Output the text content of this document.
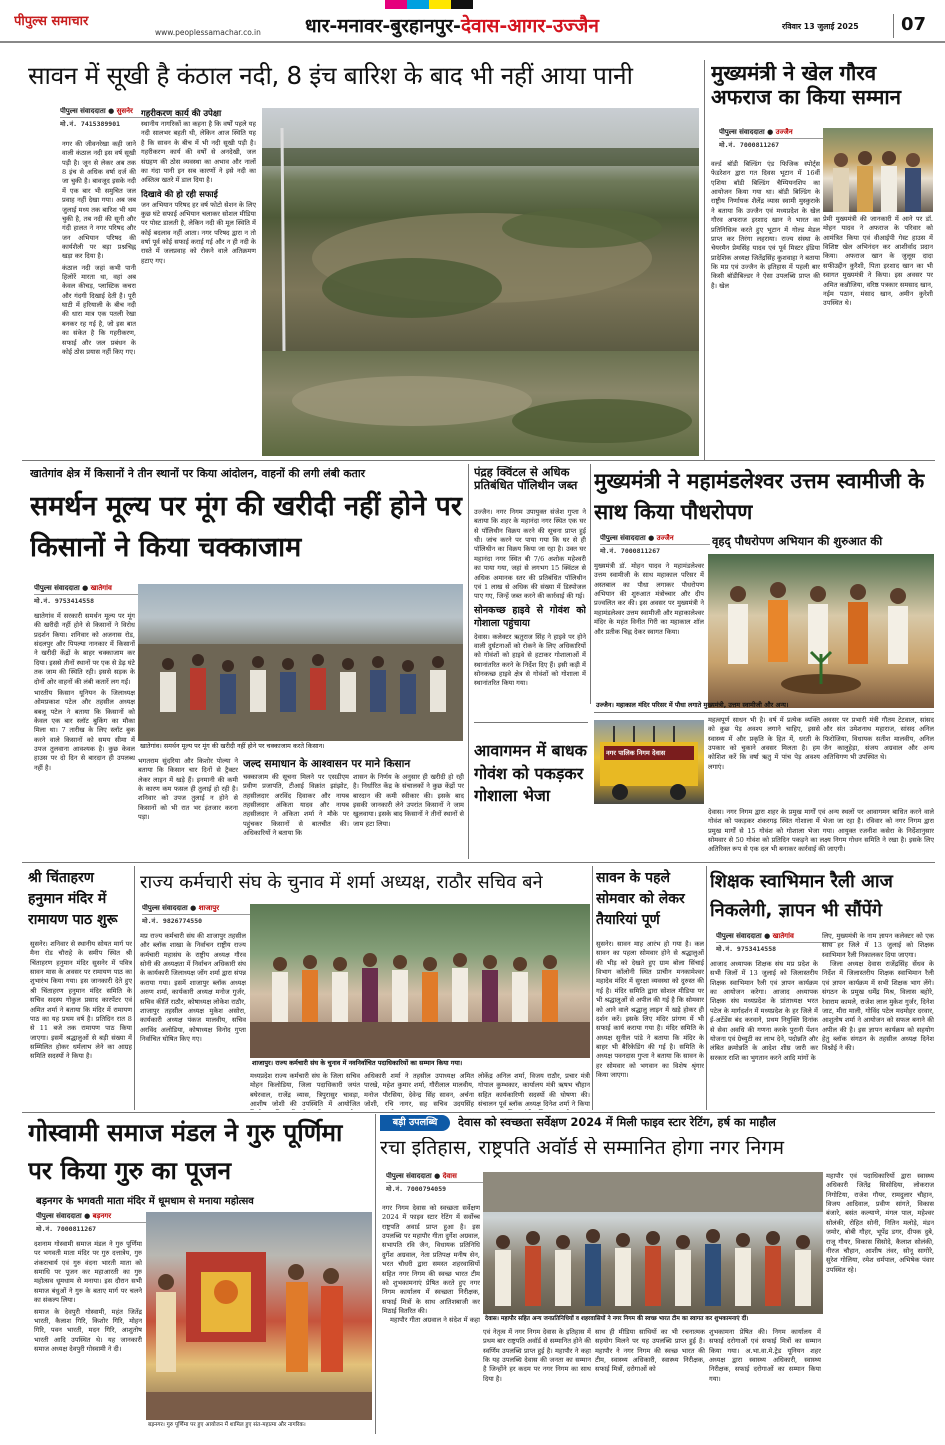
पीपुल्स समाचार
www.peoplessamachar.co.in	धार-मनावर-बुरहानपुर-देवास-आगर-उज्जैन	रविवार 13 जुलाई 2025	07
सावन में सूखी है कंठाल नदी, 8 इंच बारिश के बाद भी नहीं आया पानी
पीपुल्स संवाददाता ● सुसनेर
मो.नं. 7415389901

नगर की जीवनरेखा कही जाने वाली कंठाल नदी इस वर्ष सूखी पड़ी है। जून से लेकर अब तक 8 इंच से अधिक वर्षा दर्ज की जा चुकी है। बावजूद इसके नदी में एक बार भी समुचित जल प्रवाह नहीं देखा गया। अब जब जुलाई मध्य तक बारिश भी थम चुकी है, तब नदी की सूनी और गंदी हालत ने नगर परिषद और जन अभियान परिषद की कार्यशैली पर बड़ा प्रश्नचिह्न खड़ा कर दिया है।

कंठाल नदी जहां कभी पानी हिलोरें मारता था, वहां अब केवल कीचड़, प्लास्टिक कचरा और गंदगी दिखाई देती है। पूरी घाटी में हरियाली के बीच नदी की धारा मात्र एक पतली रेखा बनकर रह गई है, जो इस बात का संकेत है कि गहरीकरण, सफाई और जल प्रबंधन के कोई ठोस प्रयास नहीं किए गए।

गहरीकरण कार्य की उपेक्षा

स्थानीय नागरिकों का कहना है कि वर्षों पहले यह नदी सालभर बहती थी, लेकिन आज स्थिति यह है कि सावन के बीच में भी नदी सूखी पड़ी है। गहरीकरण कार्य की वर्षों से अनदेखी, जल संग्रहण की ठोस व्यवस्था का अभाव और नालों का गंदा पानी इन सब कारणों ने इसे नदी का अस्तित्व खतरे में डाल दिया है।

दिखावे की हो रही सफाई

जन अभियान परिषद हर वर्ष फोटो सेशन के लिए कुछ घंटे सफाई अभियान चलाकर सोशल मीडिया पर पोस्ट डालती है, लेकिन नदी की मूल स्थिति में कोई बदलाव नहीं आता। नगर परिषद द्वारा न तो वर्षा पूर्व कोई सफाई कराई गई और न ही नदी के रास्ते में जलप्रवाह को रोकने वाले अतिक्रमण हटाए गए।

मुख्यमंत्री ने खेल गौरव अफराज का किया सम्मान
पीपुल्स संवाददाता ● उज्जैन
मो.नं. 7000811267
वर्ल्ड बॉडी बिल्डिंग एंड फिजिक स्पोर्ट्स फेडरेशन द्वारा गत दिवस भूटान में 16वीं एशिया बॉडी बिल्डिंग चैम्पियनशिप का आयोजन किया गया था। बॉडी बिल्डिंग के राष्ट्रीय निर्णायक शैलेंद्र व्यास स्वामी मुस्कुराके ने बताया कि उज्जैन एवं मध्यप्रदेश के खेल गौरव अफराज इरशाद खान ने भारत का प्रतिनिधित्व करते हुए भूटान में गोल्ड मेडल प्राप्त कर तिरंगा लहराया। राज्य संस्था के चेयरमैन प्रेमसिंह यादव एवं पूर्व मिस्टर इंडिया प्रादेशिक अध्यक्ष जितेंद्रसिंह कुशवाहा ने बताया कि मप्र एवं उज्जैन के इतिहास में पहली बार किसी बॉडीबिल्डर ने ऐसा उपलब्धि प्राप्त की है। खेल
प्रेमी मुख्यमंत्री की जानकारी में आने पर डॉ. मोहन यादव ने अफराज के परिवार को आमंत्रित किया एवं वीआईपी गेस्ट हाउस में विशिष्ट खेल अभिनंदन कर आशीर्वाद प्रदान किया। अफराज खान के जुलूस दादा सफीउद्दीन कुरैशी, पिता इरशाद खान का भी स्वागत मुख्यमंत्री ने किया। इस अवसर पर अमित कन्नौजिया, वरिष्ठ पत्रकार समसाद खान, नईम पठान, मंसाद खान, अमीन कुरेशी उपस्थित थे।
खातेगांव क्षेत्र में किसानों ने तीन स्थानों पर किया आंदोलन, वाहनों की लगी लंबी कतार
समर्थन मूल्य पर मूंग की खरीदी नहीं होने पर किसानों ने किया चक्काजाम
पीपुल्स संवाददाता ● खातेगांव
मो.नं. 9753414558

खातेगांव में सरकारी समर्थन मूल्य पर मूंग की खरीदी नहीं होने से किसानों ने विरोध प्रदर्शन किया। शनिवार को अजनास रोड, संदलपुर और पिपल्या नानकार में किसानों ने खरीदी केंद्रों के बाहर चक्काजाम कर दिया। इससे तीनों स्थानों पर एक से डेढ़ घंटे तक जाम की स्थिति रही। इससे सड़क के दोनों ओर वाहनों की लंबी कतारें लग गईं।

भारतीय किसान यूनियन के जिलाध्यक्ष ओमप्रकाश पटेल और तहसील अध्यक्ष बबलू पटेल ने बताया कि किसानों को केवल एक बार स्लॉट बुकिंग का मौका मिला था। 7 तारीख के लिए स्लॉट बुक करने वाले किसानों को समय सीमा में उपज तुलवाना आवश्यक है। कुछ केवल हाउस पर दो दिन से बारदान ही उपलब्ध नहीं है।

खातेगांव। समर्थन मूल्य पर मूंग की खरीदी नहीं होने पर चक्काजाम करते किसान।
भगतराम सुंदरिया और किशोर पोल्या ने बताया कि किसान चार दिनों से ट्रैक्टर लेकर लाइन में खड़े हैं। इनमानी की कमी के कारण कम फसल ही तुलाई हो रही है। शनिवार को उपज तुलाई न होने से किसानों को भी रात भर इंतजार करना पड़ा।
जल्द समाधान के आश्वासन पर माने किसान
चक्काजाम की सूचना मिलने पर एसडीएम प्रवीण प्रजापति, टीआई विक्रांत झांझोट, तहसीलदार अरविंद दिवाकर और नायब तहसीलदार अंकिता यादव और नायब तहसीलदार ने अंकिता शर्मा ने मौके पर पहुंचकर किसानों से बातचीत की। अधिकारियों ने बताया कि
शासन के निर्णय के अनुसार ही खरीदी हो रही है। निर्धारित केंद्र के संचालकों ने कुछ केंद्रों पर बारदान की कमी स्वीकार की। इसके बाद इसकी जानकारी लेने उपरांत किसानों ने जाम खुलवाया। इसके बाद किसानों ने तीनों स्थानों से जाम हटा लिया।
पंद्रह क्विंटल से अधिक प्रतिबंधित पॉलिथीन जब्त

उज्जैन। नगर निगम उपायुक्त संजेश गुप्ता ने बताया कि शहर के महानंदा नगर स्थित एक घर से पॉलिथीन विक्रय करने की सूचना प्राप्त हुई थी। जांच करने पर पाया गया कि घर से ही पॉलिथीन का विक्रय किया जा रहा है। उक्त घर महानंदा नगर स्थित बी 7/6 अशोक महेश्वरी का पाया गया, जहां से लगभग 15 क्विंटल से अधिक अमानक स्तर की प्रतिबंधित पॉलिथीन एवं 1 लाख से अधिक की संख्या में डिस्पोजल पाए गए, जिन्हें जब्त करने की कार्रवाई की गई।

सोनकच्छ हाइवे से गोवंश को गोशाला पहुंचाया

देवास। कलेक्टर ऋतुराज सिंह ने हाइवे पर होने वाली दुर्घटनाओं को रोकने के लिए अधिकारियों को गोवंशों को हाइवे से हटाकर गोशालाओं में स्थानांतरित करने के निर्देश दिए हैं। इसी कड़ी में सोनकच्छ हाइवे क्षेत्र से गोवंशों को गोशाला में स्थानांतरित किया गया।

मुख्यमंत्री ने महामंडलेश्वर उत्तम स्वामीजी के साथ किया पौधरोपण
पीपुल्स संवाददाता ● उज्जैन
मो.नं. 7000811267
वृहद् पौधरोपण अभियान की शुरुआत की
मुख्यमंत्री डॉ. मोहन यादव ने महामंडलेश्वर उत्तम स्वामीजी के साथ महाकाल परिसर में अस्तबाल का पौधा लगाकर पौधरोपण अभियान की शुरुआत मंत्रोच्चार और दीप प्रज्वलित कर की। इस अवसर पर मुख्यमंत्री ने महामंडलेश्वर उत्तम स्वामीजी और महाकालेश्वर मंदिर के महंत विनीत गिरी का महाकाल शॉल और प्रतीक चिह्न देकर स्वागत किया।
उज्जैन। महाकाल मंदिर परिसर में पौधा लगाते मुख्यमंत्री, उत्तम स्वामीजी और अन्य।
महत्वपूर्ण साधन भी है। वर्ष में प्रत्येक व्यक्ति को कुछ पेड़ अवश्य लगाने चाहिए, इससे स्वास्थ्य में और प्रकृति के हित में, धरती के उपकार को चुकाने अवसर मिलता है। हम कोशिश करें कि वर्षा ऋतु में पांच पेड़ अवश्य लगाएं।
अवसर पर प्रभारी मंत्री गौतम टेटवाल, सांसद और संत उमेशनाथ महाराज, सांसद अनिल फिरोजिया, विधायक सतीश मालवीय, अनिल जैन कालूहेड़ा, संजय अग्रवाल और अन्य अतिथिगण भी उपस्थित थे।
आवागमन में बाधक गोवंश को पकड़कर गोशाला भेजा
नगर पालिक निगम देवास
देवास। नगर निगम द्वारा शहर के प्रमुख मार्गों एवं अन्य स्थलों पर आवागमन बाधित करने वाले गोवंश को पकड़कर शंकरगढ़ स्थित गोशाला में भेजा जा रहा है। रविवार को नगर निगम द्वारा प्रमुख मार्गों से 15 गोवंश को गोशाला भेजा गया। आयुक्त रजनीश कसेरा के निर्देशानुसार सोमवार से 50 गोवंश को प्रतिदिन पकड़ने का लक्ष्य निगम गोधन समिति ने रखा है। इसके लिए अतिरिक्त रूप से एक दल भी बनाकर कार्रवाई की जाएगी।
श्री चिंताहरण हनुमान मंदिर में रामायण पाठ शुरू
सुसनेर। शनिवार से स्थानीय सोयत मार्ग पर मैना रोड चौराहे के समीप स्थित श्री चिंताहरण हनुमान मंदिर सुसनेर में पवित्र सावन मास के अवसर पर रामायण पाठ का शुभारंभ किया गया। इस जानकारी देते हुए श्री चिंताहरण हनुमान मंदिर समिति के सचिव सदस्य गोकुल प्रसाद कारपेंटर एवं अमित शर्मा ने बताया कि मंदिर में रामायण पाठ का यह प्रथम वर्ष है। प्रतिदिन रात 8 से 11 बजे तक रामायण पाठ किया जाएगा। इसमें श्रद्धालुओं से बड़ी संख्या में सम्मिलित होकर धर्मलाभ लेने का आग्रह समिति सदस्यों ने किया है।
राज्य कर्मचारी संघ के चुनाव में शर्मा अध्यक्ष, राठौर सचिव बने
पीपुल्स संवाददाता ● शाजापुर
मो.नं. 9826774550
मप्र राज्य कर्मचारी संघ की शाजापुर तहसील और ब्लॉक शाखा के निर्वाचन राष्ट्रीय राज्य कर्मचारी महासंघ के राष्ट्रीय अध्यक्ष गौरव सोनी की अध्यक्षता में निर्वाचन अधिकारी संघ के कार्यकारी जिलाध्यक्ष जोंग शर्मा द्वारा संपन्न कराया गया। इसमें शाजापुर ब्लॉक अध्यक्ष अरुण शर्मा, कार्यकारी अध्यक्ष मनोज गुर्जर, सचिव कीर्ति राठौर, कोषाध्यक्ष लोकेश राठौर, शाजापुर तहसील अध्यक्ष मुकेश असोरा, कार्यकारी अध्यक्ष पंकज मालवीय, सचिव अरविंद अलोडिया, कोषाध्यक्ष विनोद गुप्ता निर्वाचित घोषित किए गए।
शाजापुर। राज्य कर्मचारी संघ के चुनाव में नवनिर्वाचित पदाधिकारियों का सम्मान किया गया।
मध्यप्रदेश राज्य कर्मचारी संघ के जिला सचिव मोहन किलोडिया, जिला पदाधिकारी जयंत बघेरवाल, राजेंद्र व्यास, त्रिपुरासुर चावड़ा, आशीष जोशी की उपस्थिति में आयोजित
अधिकारी शर्मा ने तहसील उपाध्यक्ष अमित पारखे, महेश कुमार शर्मा, गौरीलाल मालवीय, मनोज पौरसिया, देवेन्द्र सिंह सावन, अर्चना जोशी, रचि नागर, सह सचिव उदयसिंह
लोकेंद्र अनिल शर्मा, विजय राठौर, प्रचार मंत्री गोपाल कुम्भकार, कार्यालय मंत्री ऋषभ चौहान सहित कार्यकारिणी सदस्यों की घोषणा की। संचालन पूर्व ब्लॉक अध्यक्ष दिनेश शर्मा ने किया
सावन के पहले सोमवार को लेकर तैयारियां पूर्ण
सुसनेर। सावन माह आरंभ हो गया है। कल सावन का पहला सोमवार होने से श्रद्धालुओं की भीड़ को देखते हुए ग्राम बोला सिंचाई विभाग कॉलोनी स्थित प्राचीन मनकामेश्वर महादेव मंदिर में सुरक्षा व्यवस्था को दुरुस्त की गई है। मंदिर समिति द्वारा सोशल मीडिया पर भी श्रद्धालुओं से अपील की गई है कि सोमवार को आने वाले श्रद्धालु लाइन में खड़े होकर ही दर्शन करें। इसके लिए मंदिर प्रांगण में भी सफाई कार्य कराया गया है। मंदिर समिति के अध्यक्ष सुनील पांडे ने बताया कि मंदिर के बाहर भी बैरिकेडिंग की गई है। समिति के अध्यक्ष पवनदास गुप्ता ने बताया कि सावन के हर सोमवार को भगवान का विशेष श्रृंगार किया जाएगा।
शिक्षक स्वाभिमान रैली आज निकलेगी, ज्ञापन भी सौंपेंगे
पीपुल्स संवाददाता ● खातेगांव
मो.नं. 9753414558
आजाद अध्यापक शिक्षक संघ मप्र प्रदेश के सभी जिलों में 13 जुलाई को जिलास्तरीय शिक्षक स्वाभिमान रैली एवं ज्ञापन कार्यक्रम का आयोजन करेगा। आजाद अध्यापक शिक्षक संघ मध्यप्रदेश के प्रांताध्यक्ष भरत पटेल के मार्गदर्शन में मध्यप्रदेश के हर जिले में ई-अटेंडेंस बंद करवाने, प्रथम नियुक्ति दिनांक से सेवा अवधि की गणना करके पुरानी पेंशन योजना एवं ग्रेच्युटी का लाभ देने, पदोन्नति और लंबित क्रमोन्नति के आदेश शीघ्र जारी कर सरकार राशि का भुगतान करने आदि मांगों के

लिए, मुख्यमंत्री के नाम ज्ञापन कलेक्टर को एक साथ हर जिले में 13 जुलाई को शिक्षक स्वाभिमान रैली निकालकर दिया जाएगा।

जिला अध्यक्ष देवास राजेंद्रसिंह सेंधव के निर्देश में जिलास्तरीय शिक्षक स्वाभिमान रैली एवं ज्ञापन कार्यक्रम में सभी शिक्षक भाग लेंगे। संगठन के प्रमुख धर्मेंद्र मिश्र, विलास बहोरे, रेवाराम कामले, राजेश लाल मुकेश गुर्जर, दिनेश जाट, मीरा माली, गोविंद पटेल मदमोहर दरवार, आशुतोष शर्मा ने आयोजन को सफल बनाने की अपील की है। इस ज्ञापन कार्यक्रम को सहयोग हेतु ब्लॉक संगठन के तहसील अध्यक्ष दिनेश विश्नोई ने की।

गोस्वामी समाज मंडल ने गुरु पूर्णिमा पर किया गुरु का पूजन
बड़नगर के भगवती माता मंदिर में धूमधाम से मनाया महोत्सव
पीपुल्स संवाददाता ● बड़नगर
मो.नं. 7000811267

दशनाम गोस्वामी समाज मंडल ने गुरु पूर्णिमा पर भगवती माता मंदिर पर गुरु दत्तात्रेय, गुरु शंकराचार्य एवं गुरु वंदना भारती माता को समाधि पर पूजन कर महाआरती का गुरु महोत्सव धूमधाम से मनाया। इस दौरान सभी समाज बंधुओं ने गुरु के बताए मार्ग पर चलने का संकल्प लिया।

समाज के देवपुरी गोस्वामी, महंत जितेंद्र भारती, कैलाश गिरि, किशोर गिरि, मोहन गिरि, पवन भारती, मदन गिरि, आशुतोष भारती आदि उपस्थित थे। यह जानकारी समाज अध्यक्ष देवपुरी गोस्वामी ने दी।

बड़नगर। गुरु पूर्णिमा पर हुए आयोजन में शामिल हुए संत-महात्मा और नागरिक।
बड़ी उपलब्धि	देवास को स्वच्छता सर्वेक्षण 2024 में मिली फाइव स्टार रेटिंग, हर्ष का माहौल
रचा इतिहास, राष्ट्रपति अवॉर्ड से सम्मानित होगा नगर निगम
पीपुल्स संवाददाता ● देवास
मो.नं. 7000794059

नगर निगम देवास को स्वच्छता सर्वेक्षण 2024 में फाइव स्टार रेटिंग में सर्वोच्च राष्ट्रपति अवार्ड प्राप्त हुआ है। इस उपलब्धि पर महापौर गीता दुर्गेश अग्रवाल, सभापति रवि जैन, विधायक प्रतिनिधि दुर्गेश अग्रवाल, नेता प्रतिपक्ष मनीष सेन, भरत चौधरी द्वारा समस्त शहरवासियों सहित नगर निगम की स्वच्छ भारत टीम को शुभकामनाएं प्रेषित करते हुए नगर निगम कार्यालय में स्वच्छता निरीक्षक, सफाई मित्रों के साथ आतिशबाजी कर मिठाई वितरित की।

महापौर गीता अग्रवाल ने संदेश में कहा देवास। महापौर सहित अन्य जनप्रतिनिधियों व शहरवासियों ने नगर निगम की स्वच्छ भारत टीम का स्वागत कर शुभकामनाएं दीं।
एवं नेतृत्व में नगर निगम देवास के इतिहास में प्रथम बार राष्ट्रपति अवॉर्ड से सम्मानित होने की स्वर्णिम उपलब्धि प्राप्त हुई है। महापौर ने कहा कि यह उपलब्धि देवास की जनता का सम्मान है जिन्होंने हर कदम पर नगर निगम का साथ दिया है।
साथ ही मीडिया साथियों का भी रचनात्मक सहयोग मिलने पर यह उपलब्धि प्राप्त हुई है। महापौर ने नगर निगम की स्वच्छ भारत की टीम, स्वास्थ्य अधिकारी, स्वास्थ्य निरीक्षक, सफाई मित्रों, दरोगाओं को
शुभकामना प्रेषित की। निगम कार्यालय में सफाई दरोगाओं एवं सफाई मित्रों का सम्मान किया गया। अ.भा.वा.मे.ट्रेड यूनियन शहर अध्यक्ष द्वारा स्वास्थ्य अधिकारी, स्वास्थ्य निरीक्षक, सफाई दरोगाओं का सम्मान किया गया।
महापौर एवं पदाधिकारियों द्वारा स्वास्थ्य अधिकारी जितेंद्र सिसोदिया, लोकराज निगोटिया, राजेश गौयर, रामदुलार चौहान, विजय आदिवाल, प्रवीण सांगते, विकास बंजारे, बसंत कल्याणे, मंगल पाल, महेश्वर सोलंकी, रोहित सोनी, नितिन मलोड़े, मंडन जमोर, बोबी गौहर, भूपेंद्र डगर, दीपक दुबे, राजू गौयर, विकास सिसोदे, कैलाश सोलंकी, नीरज चौहान, आशीष तंवर, सोनू सागोरे, सुरेश गोलिया, रमेश धर्मपाल, अभिषेक पंवार उपस्थित रहे।
